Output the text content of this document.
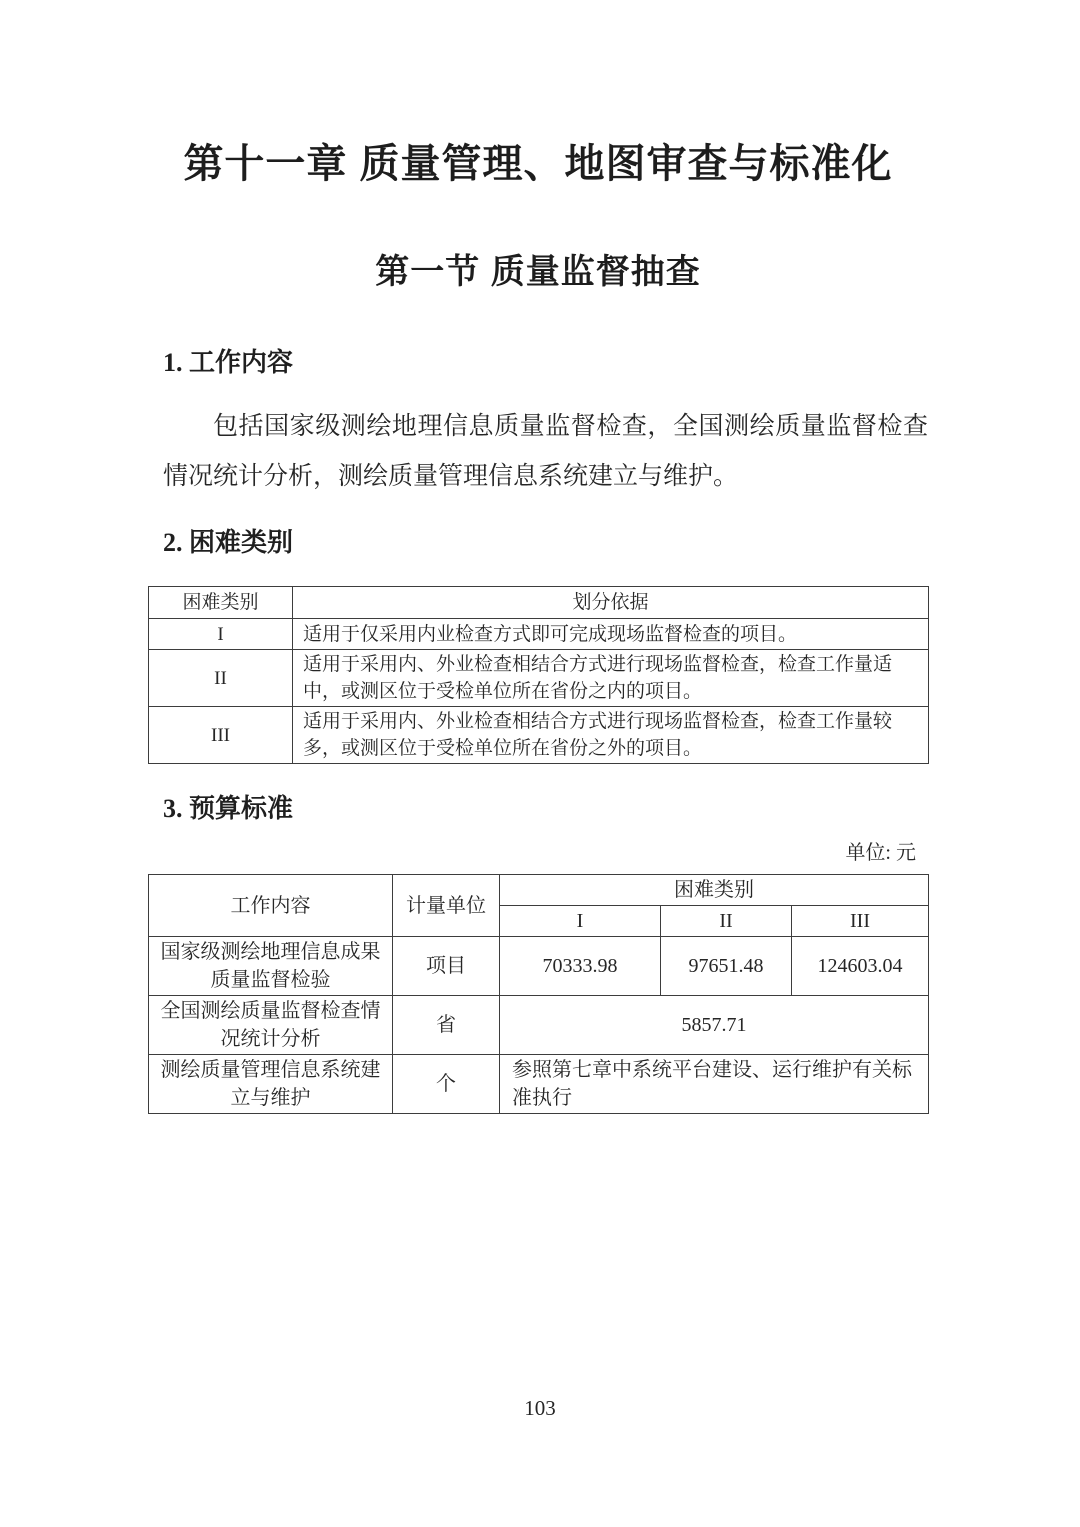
第十一章 质量管理、地图审查与标准化
第一节 质量监督抽查
1. 工作内容

包括国家级测绘地理信息质量监督检查，全国测绘质量监督检查情况统计分析，测绘质量管理信息系统建立与维护。

2. 困难类别
困难类别	划分依据
I	适用于仅采用内业检查方式即可完成现场监督检查的项目。
II	适用于采用内、外业检查相结合方式进行现场监督检查，检查工作量适中，或测区位于受检单位所在省份之内的项目。
III	适用于采用内、外业检查相结合方式进行现场监督检查，检查工作量较多，或测区位于受检单位所在省份之外的项目。
3. 预算标准
单位: 元
工作内容	计量单位	困难类别		
		I	II	III
国家级测绘地理信息成果质量监督检验	项目	70333.98	97651.48	124603.04
全国测绘质量监督检查情况统计分析	省	5857.71		
测绘质量管理信息系统建立与维护	个	参照第七章中系统平台建设、运行维护有关标准执行		
103
